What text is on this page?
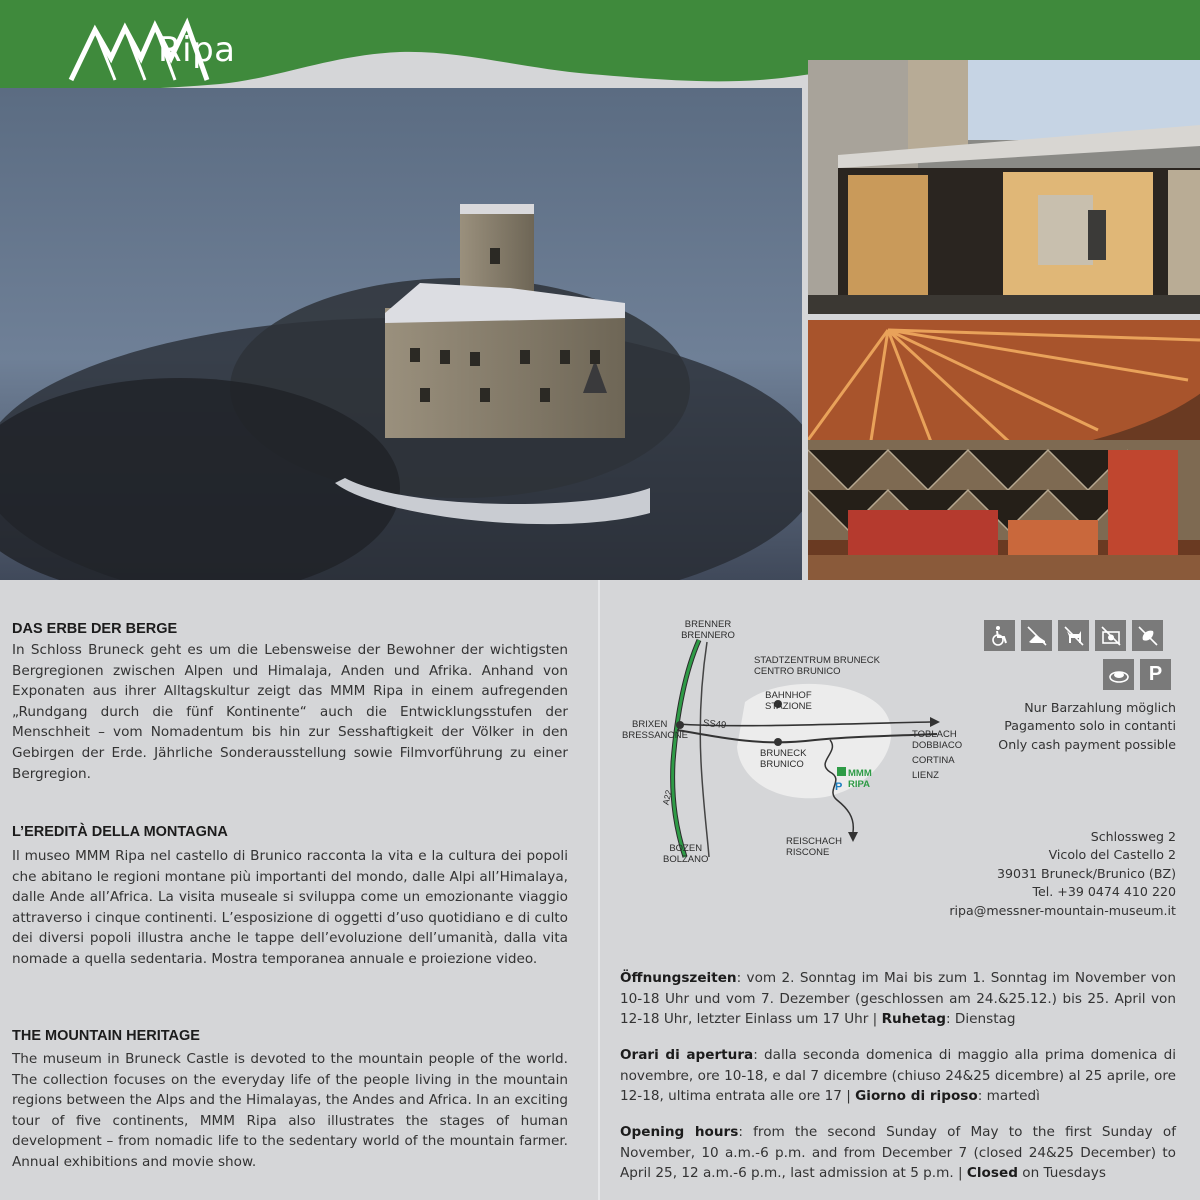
Ripa
DAS ERBE DER BERGE
In Schloss Bruneck geht es um die Lebensweise der Bewohner der wichtigsten Bergregionen zwischen Alpen und Himalaja, Anden und Afrika. Anhand von Exponaten aus ihrer Alltagskultur zeigt das MMM Ripa in einem aufregenden „Rundgang durch die fünf Kontinente“ auch die Entwicklungsstufen der Menschheit – vom Nomadentum bis hin zur Sesshaftigkeit der Völker in den Gebirgen der Erde. Jährliche Sonderausstellung sowie Filmvorführung zu einer Bergregion.
L’EREDITÀ DELLA MONTAGNA
Il museo MMM Ripa nel castello di Brunico racconta la vita e la cultura dei popoli che abitano le regioni montane più importanti del mondo, dalle Alpi all’Himalaya, dalle Ande all’Africa. La visita museale si sviluppa come un emozionante viaggio attraverso i cinque continenti. L’esposizione di oggetti d’uso quotidiano e di culto dei diversi popoli illustra anche le tappe dell’evoluzione dell’umanità, dalla vita nomade a quella sedentaria. Mostra temporanea annuale e proiezione video.
THE MOUNTAIN HERITAGE
The museum in Bruneck Castle is devoted to the mountain people of the world. The collection focuses on the everyday life of the people living in the mountain regions between the Alps and the Himalayas, the Andes and Africa. In an exciting tour of five continents, MMM Ripa also illustrates the stages of human development – from nomadic life to the sedentary world of the mountain farmer. Annual exhibitions and movie show.
BRENNER
BRENNERO
STADTZENTRUM BRUNECK
CENTRO BRUNICO
BAHNHOF
STAZIONE
BRIXEN
BRESSANONE
SS49
TOBLACH
DOBBIACO
CORTINA
LIENZ
BRUNECK
BRUNICO
MMM
RIPA
P
A22
REISCHACH
RISCONE
BOZEN
BOLZANO
P
Nur Barzahlung möglich
Pagamento solo in contanti
Only cash payment possible
Schlossweg 2
Vicolo del Castello 2
39031 Bruneck/Brunico (BZ)
Tel. +39 0474 410 220
ripa@messner-mountain-museum.it
Öffnungszeiten: vom 2. Sonntag im Mai bis zum 1. Sonntag im November von 10-18 Uhr und vom 7. Dezember (geschlossen am 24.&25.12.) bis 25. April von 12-18 Uhr, letzter Einlass um 17 Uhr | Ruhetag: Dienstag
Orari di apertura: dalla seconda domenica di maggio alla prima domenica di novembre, ore 10-18, e dal 7 dicembre (chiuso 24&25 dicembre) al 25 aprile, ore 12-18, ultima entrata alle ore 17 | Giorno di riposo: martedì
Opening hours: from the second Sunday of May to the first Sunday of November, 10 a.m.-6 p.m. and from December 7 (closed 24&25 December) to April 25, 12 a.m.-6 p.m., last admission at 5 p.m. | Closed on Tuesdays
